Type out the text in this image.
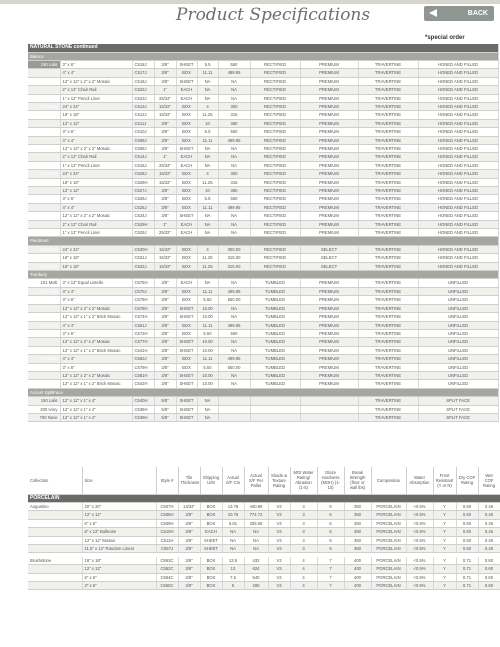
Product Specifications	BACK
*special order
NATURAL STONE continued										
Bianco										
150 Lalis	3" x 6"	C518J	3/8"	SHEET	5.5	550	RECTIFIED	PREMIUM	TRAVERTINE	HONED AND FILLED
	4" x 4"	C517J	3/8"	BOX	11.11	499.95	RECTIFIED	PREMIUM	TRAVERTINE	HONED AND FILLED
	12" x 12" x 2" x 2" Mosaic	C516J	3/8"	SHEET	NA	NA	RECTIFIED	PREMIUM	TRAVERTINE	HONED AND FILLED
	2" x 12" Chair Rail	C522J	1"	EACH	NA	NA	RECTIFIED	PREMIUM	TRAVERTINE	HONED AND FILLED
	1" x 12" Pencil Liner	C523J	25/32"	EACH	NA	NA	RECTIFIED	PREMIUM	TRAVERTINE	HONED AND FILLED
200 Ivory	24" x 24"	C513J	15/32"	BOX	4	300	RECTIFIED	PREMIUM	TRAVERTINE	HONED AND FILLED
	18" x 18"	C512J	15/32"	BOX	11.25	315	RECTIFIED	PREMIUM	TRAVERTINE	HONED AND FILLED
	12" x 12"	C511J	3/8"	BOX	10	360	RECTIFIED	PREMIUM	TRAVERTINE	HONED AND FILLED
	3" x 6"	C510J	3/8"	BOX	5.5	550	RECTIFIED	PREMIUM	TRAVERTINE	HONED AND FILLED
	4" x 4"	C509J	3/8"	BOX	11.11	499.95	RECTIFIED	PREMIUM	TRAVERTINE	HONED AND FILLED
	12" x 12" x 2" x 2" Mosaic	C508J	3/8"	SHEET	NA	NA	RECTIFIED	PREMIUM	TRAVERTINE	HONED AND FILLED
	2" x 12" Chair Rail	C514J	1"	EACH	NA	NA	RECTIFIED	PREMIUM	TRAVERTINE	HONED AND FILLED
	1" x 12" Pencil Liner	C515J	25/32"	EACH	NA	NA	RECTIFIED	PREMIUM	TRAVERTINE	HONED AND FILLED
700 Noce	24" x 24"	C528J	15/32"	BOX	4	300	RECTIFIED	PREMIUM	TRAVERTINE	HONED AND FILLED
	18" x 18"	C528H	15/32"	BOX	11.25	315	RECTIFIED	PREMIUM	TRAVERTINE	HONED AND FILLED
	12" x 12"	C527J	3/8"	BOX	10	360	RECTIFIED	PREMIUM	TRAVERTINE	HONED AND FILLED
	3" x 6"	C526J	3/8"	BOX	5.5	550	RECTIFIED	PREMIUM	TRAVERTINE	HONED AND FILLED
	4" x 4"	C525J	3/8"	BOX	11.11	499.95	RECTIFIED	PREMIUM	TRAVERTINE	HONED AND FILLED
	12" x 12" x 2" x 2" Mosaic	C524J	3/8"	SHEET	NA	NA	RECTIFIED	PREMIUM	TRAVERTINE	HONED AND FILLED
	2" x 12" Chair Rail	C529H	1"	EACH	NA	NA	RECTIFIED	PREMIUM	TRAVERTINE	HONED AND FILLED
	1" x 12" Pencil Liner	C529J	25/32"	EACH	NA	NA	RECTIFIED	PREMIUM	TRAVERTINE	HONED AND FILLED
Piedmont										
200 Ivory	24" x 24"	C530H	15/32"	BOX	4	300.00	RECTIFIED	SELECT	TRAVERTINE	HONED AND FILLED
	18" x 18"	C531J	15/32"	BOX	11.25	315.00	RECTIFIED	SELECT	TRAVERTINE	HONED AND FILLED
700 Noce	18" x 18"	C532J	15/32"	BOX	11.25	315.00	RECTIFIED	SELECT	TRAVERTINE	HONED AND FILLED
Tumbury										
101 Multi	3" x 12" Equal Listello	C575H	3/8"	EACH	NA	NA	TUMBLED	PREMIUM	TRAVERTINE	UNFILLED
150 Lalis	4" x 4"	C570J	3/8"	BOX	11.11	499.95	TUMBLED	PREMIUM	TRAVERTINE	UNFILLED
	3" x 6"	C576H	3/8"	BOX	5.50	550.00	TUMBLED	PREMIUM	TRAVERTINE	UNFILLED
	12" x 12" x 2" x 2" Mosaic	C578H	3/8"	SHEET	10.00	NA	TUMBLED	PREMIUM	TRAVERTINE	UNFILLED
	12" x 12" x 1" x 2" Brick Mosaic	C574H	3/8"	SHEET	10.00	NA	TUMBLED	PREMIUM	TRAVERTINE	UNFILLED
200 Ivory	4" x 4"	C561J	3/8"	BOX	11.11	499.95	TUMBLED	PREMIUM	TRAVERTINE	UNFILLED
	3" x 6"	C573H	3/8"	BOX	5.50	550	TUMBLED	PREMIUM	TRAVERTINE	UNFILLED
	12" x 12" x 2" x 2" Mosaic	C577H	3/8"	SHEET	10.00	NA	TUMBLED	PREMIUM	TRAVERTINE	UNFILLED
	12" x 12" x 1" x 2" Brick Mosaic	C541H	3/8"	SHEET	10.00	NA	TUMBLED	PREMIUM	TRAVERTINE	UNFILLED
700 Noce	4" x 4"	C562J	3/8"	BOX	11.11	499.95	TUMBLED	PREMIUM	TRAVERTINE	UNFILLED
	3" x 6"	C579H	3/8"	BOX	5.50	550.00	TUMBLED	PREMIUM	TRAVERTINE	UNFILLED
	12" x 12" x 2" x 2" Mosaic	C581H	3/8"	SHEET	10.00	NA	TUMBLED	PREMIUM	TRAVERTINE	UNFILLED
	12" x 12" x 1" x 2" Brick Mosaic	C542H	3/8"	SHEET	10.00	NA	TUMBLED	PREMIUM	TRAVERTINE	UNFILLED
Accent SplitFace										
150 Lalis	12" x 12" x 1" x 4"	C540H	5/8"	SHEET	NA				TRAVERTINE	SPLIT FACE
200 Ivory	12" x 12" x 1" x 4"	C536H	5/8"	SHEET	NA				TRAVERTINE	SPLIT FACE
700 Noce	12" x 12" x 1" x 4"	C539H	5/8"	SHEET	NA				TRAVERTINE	SPLIT FACE
Collection	Size	Style #	Tile Thickness	Shipping U/M	Actual S/F Ctn	Actual S/F Per Pallet	Shade & Texture Rating	MOI Water Rating/ Abrasion (1-5)	Glaze Hardness (MOH) (1-10)	Break Strength (floor or wall lbs)	Composition	Water Absorption	Frost Resistant (Y or N)	Dry COF Rating	Wet COF Rating
PORCELAIN															
Augustino	20" x 20"	C507H	13/32"	BOX	13.78	440.89	V3	3	6	350	PORCELAIN	<0.5%	Y	0.60	0.45
	12" x 12"	C508H	3/8"	BOX	10.76	774.72	V3	3	6	350	PORCELAIN	<0.5%	Y	0.60	0.45
	6" x 6"	C509H	3/8"	BOX	5.81	335.08	V3	3	6	350	PORCELAIN	<0.5%	Y	0.60	0.45
	6" x 12" Bullnose	C510H	3/8"	EACH	NA	NA	V3	3	6	350	PORCELAIN	<0.5%	Y	0.60	0.45
	12" x 12" Mosaic	C511H	3/8"	SHEET	NA	NA	V3	3	6	350	PORCELAIN	<0.5%	Y	0.60	0.45
	11.5" x 12" Random Linear	C557J	3/8"	SHEET	NA	NA	V3	3	6	350	PORCELAIN	<0.5%	Y	0.60	0.45

Brushstone	18" x 18"	C553C	3/8"	BOX	13.5	432	V3	4	7	400	PORCELAIN	<0.5%	Y	0.71	0.60
	12" x 12"	C552C	3/8"	BOX	13	624	V3	4	7	400	PORCELAIN	<0.5%	Y	0.71	0.60
	6" x 6"	C554C	3/8"	BOX	7.5	540	V3	4	7	400	PORCELAIN	<0.5%	Y	0.71	0.60
	3" x 6"	C555C	3/8"	BOX	5	290	V3	4	7	400	PORCELAIN	<0.5%	Y	0.71	0.60
